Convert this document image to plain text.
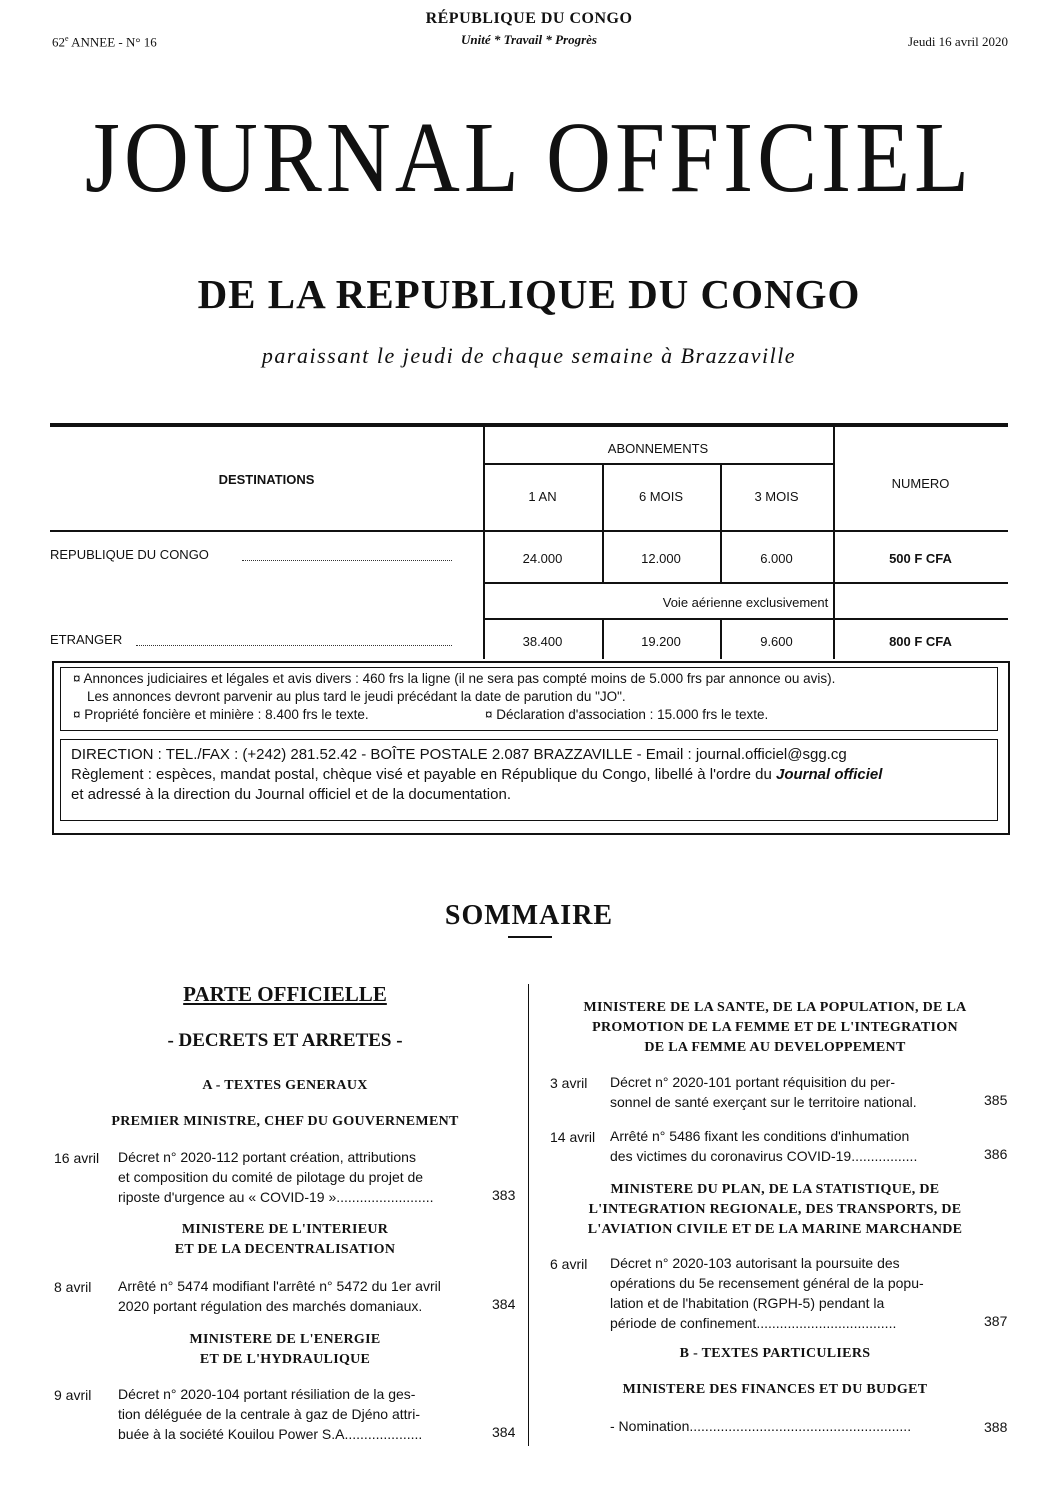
RÉPUBLIQUE DU CONGO
Unité * Travail * Progrès
62e ANNEE - N° 16	Jeudi 16 avril 2020
JOURNAL OFFICIEL
DE LA REPUBLIQUE DU CONGO
paraissant le jeudi de chaque semaine à Brazzaville
ABONNEMENTS
DESTINATIONS
1 AN	6 MOIS	3 MOIS
NUMERO
REPUBLIQUE DU CONGO	24.000	12.000	6.000	500 F CFA
Voie aérienne exclusivement
ETRANGER	38.400	19.200	9.600	800 F CFA
¤ Annonces judiciaires et légales et avis divers : 460 frs la ligne (il ne sera pas compté moins de 5.000 frs par annonce ou avis).
Les annonces devront parvenir au plus tard le jeudi précédant la date de parution du "JO".
¤ Propriété foncière et minière : 8.400 frs le texte.	¤ Déclaration d'association : 15.000 frs le texte.
DIRECTION : TEL./FAX : (+242) 281.52.42 - BOÎTE POSTALE 2.087 BRAZZAVILLE - Email : journal.officiel@sgg.cg
Règlement : espèces, mandat postal, chèque visé et payable en République du Congo, libellé à l'ordre du Journal officiel
et adressé à la direction du Journal officiel et de la documentation.
SOMMAIRE
PARTE OFFICIELLE
- DECRETS ET ARRETES -
A - TEXTES GENERAUX
PREMIER MINISTRE, CHEF DU GOUVERNEMENT
16 avril Décret n° 2020-112 portant création, attributions
et composition du comité de pilotage du projet de
riposte d'urgence au « COVID-19 ».........................	383
MINISTERE DE L'INTERIEUR
ET DE LA DECENTRALISATION
8 avril Arrêté n° 5474 modifiant l'arrêté n° 5472 du 1er avril
2020 portant régulation des marchés domaniaux.	384
MINISTERE DE L'ENERGIE
ET DE L'HYDRAULIQUE
9 avril Décret n° 2020-104 portant résiliation de la ges-
tion déléguée de la centrale à gaz de Djéno attri-
buée à la société Kouilou Power S.A....................	384
MINISTERE DE LA SANTE, DE LA POPULATION, DE LA
PROMOTION DE LA FEMME ET DE L'INTEGRATION
DE LA FEMME AU DEVELOPPEMENT
3 avril Décret n° 2020-101 portant réquisition du per-
sonnel de santé exerçant sur le territoire national.	385
14 avril Arrêté n° 5486 fixant les conditions d'inhumation
des victimes du coronavirus COVID-19.................	386
MINISTERE DU PLAN, DE LA STATISTIQUE, DE
L'INTEGRATION REGIONALE, DES TRANSPORTS, DE
L'AVIATION CIVILE ET DE LA MARINE MARCHANDE
6 avril Décret n° 2020-103 autorisant la poursuite des
opérations du 5e recensement général de la popu-
lation et de l'habitation (RGPH-5) pendant la
période de confinement....................................	387
B - TEXTES PARTICULIERS
MINISTERE DES FINANCES ET DU BUDGET
- Nomination.........................................................	388
